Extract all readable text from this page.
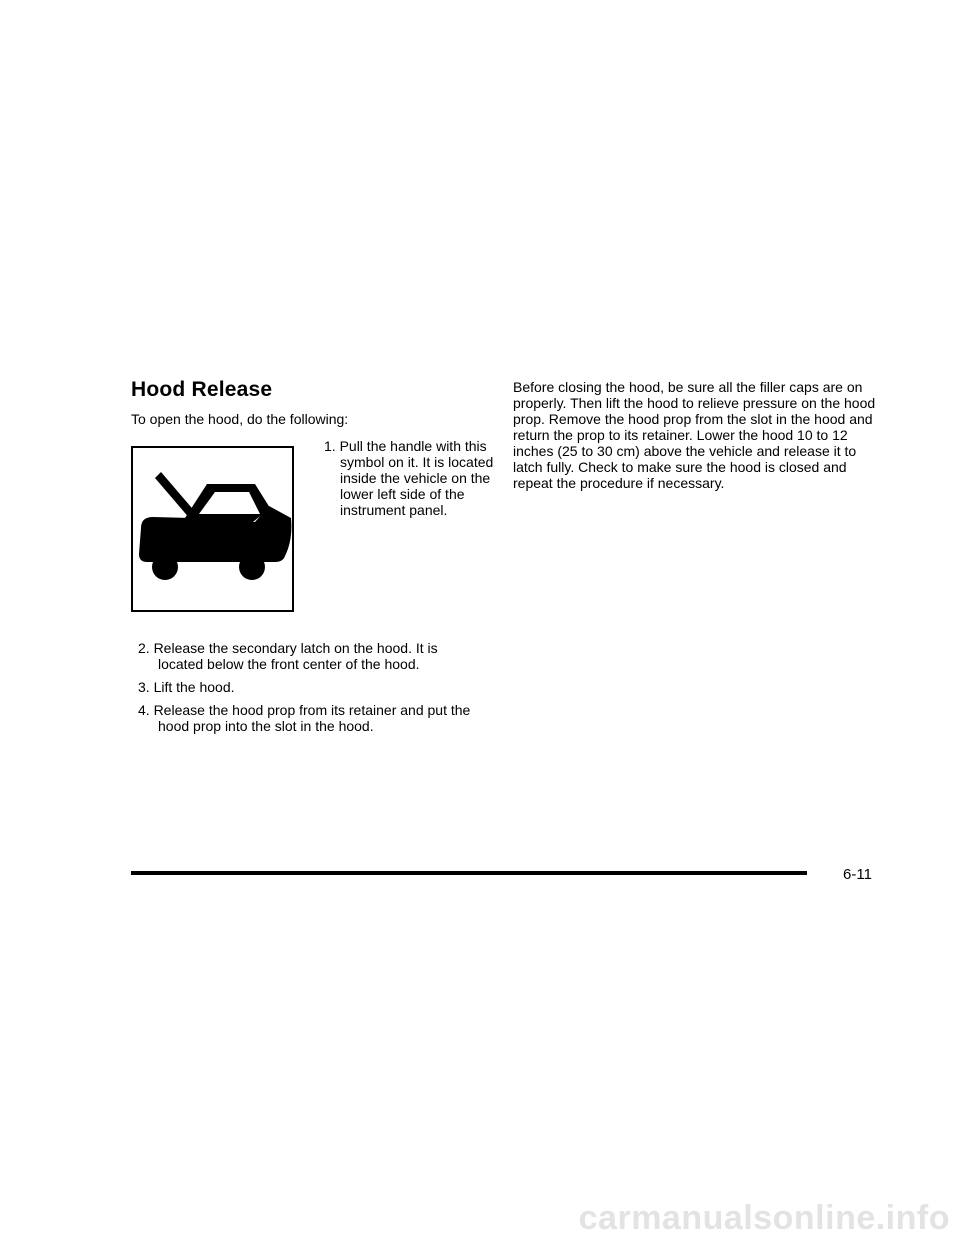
Hood Release

To open the hood, do the following:

1. Pull the handle with this symbol on it. It is located inside the vehicle on the lower left side of the instrument panel.

2. Release the secondary latch on the hood. It is located below the front center of the hood.
3. Lift the hood.
4. Release the hood prop from its retainer and put the hood prop into the slot in the hood.

Before closing the hood, be sure all the filler caps are on properly. Then lift the hood to relieve pressure on the hood prop. Remove the hood prop from the slot in the hood and return the prop to its retainer. Lower the hood 10 to 12 inches (25 to 30 cm) above the vehicle and release it to latch fully. Check to make sure the hood is closed and repeat the procedure if necessary.

6-11
carmanualsonline.info
